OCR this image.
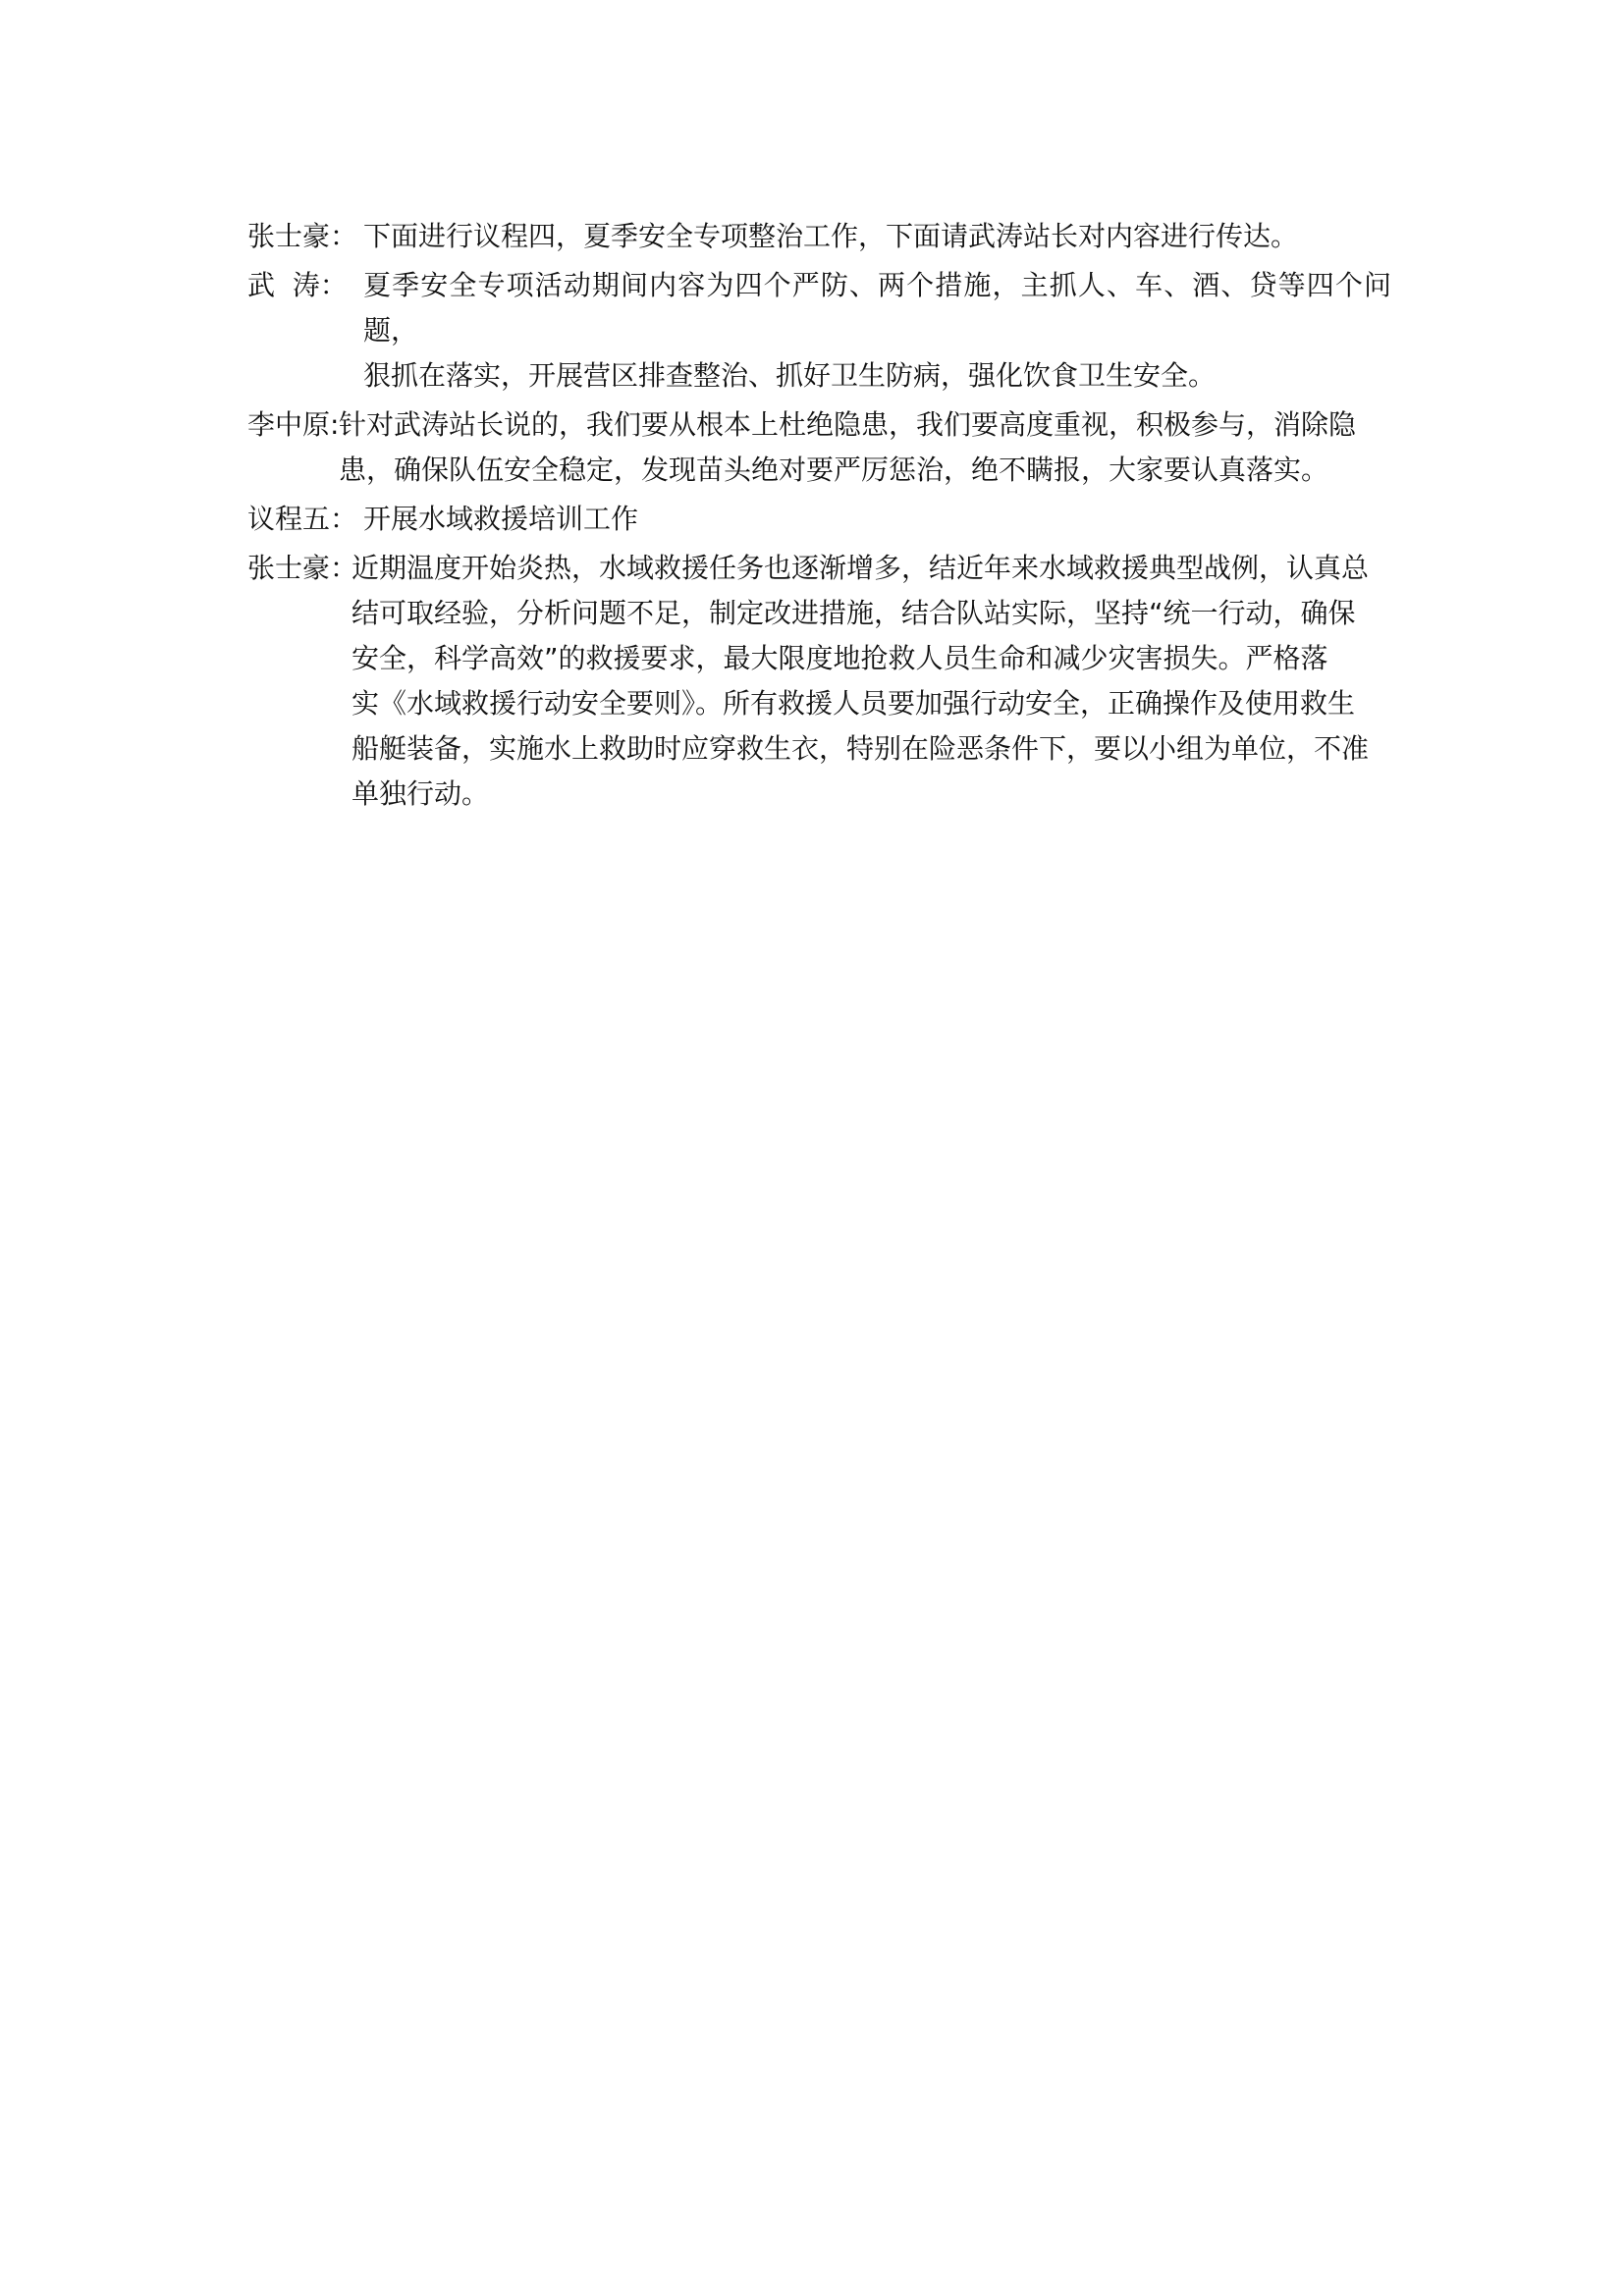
张士豪： 下面进行议程四，夏季安全专项整治工作，下面请武涛站长对内容进行传达。
武  涛： 夏季安全专项活动期间内容为四个严防、两个措施，主抓人、车、酒、贷等四个问题，
狠抓在落实，开展营区排查整治、抓好卫生防病，强化饮食卫生安全。
李中原: 针对武涛站长说的，我们要从根本上杜绝隐患，我们要高度重视，积极参与，消除隐
患，确保队伍安全稳定，发现苗头绝对要严厉惩治，绝不瞒报，大家要认真落实。
议程五： 开展水域救援培训工作
张士豪：
近期温度开始炎热，水域救援任务也逐渐增多，结近年来水域救援典型战例，认真总
结可取经验，分析问题不足，制定改进措施，结合队站实际，坚持“统一行动，确保
安全，科学高效”的救援要求，最大限度地抢救人员生命和减少灾害损失。严格落
实《水域救援行动安全要则》。所有救援人员要加强行动安全，正确操作及使用救生
船艇装备，实施水上救助时应穿救生衣，特别在险恶条件下，要以小组为单位，不准
单独行动。
